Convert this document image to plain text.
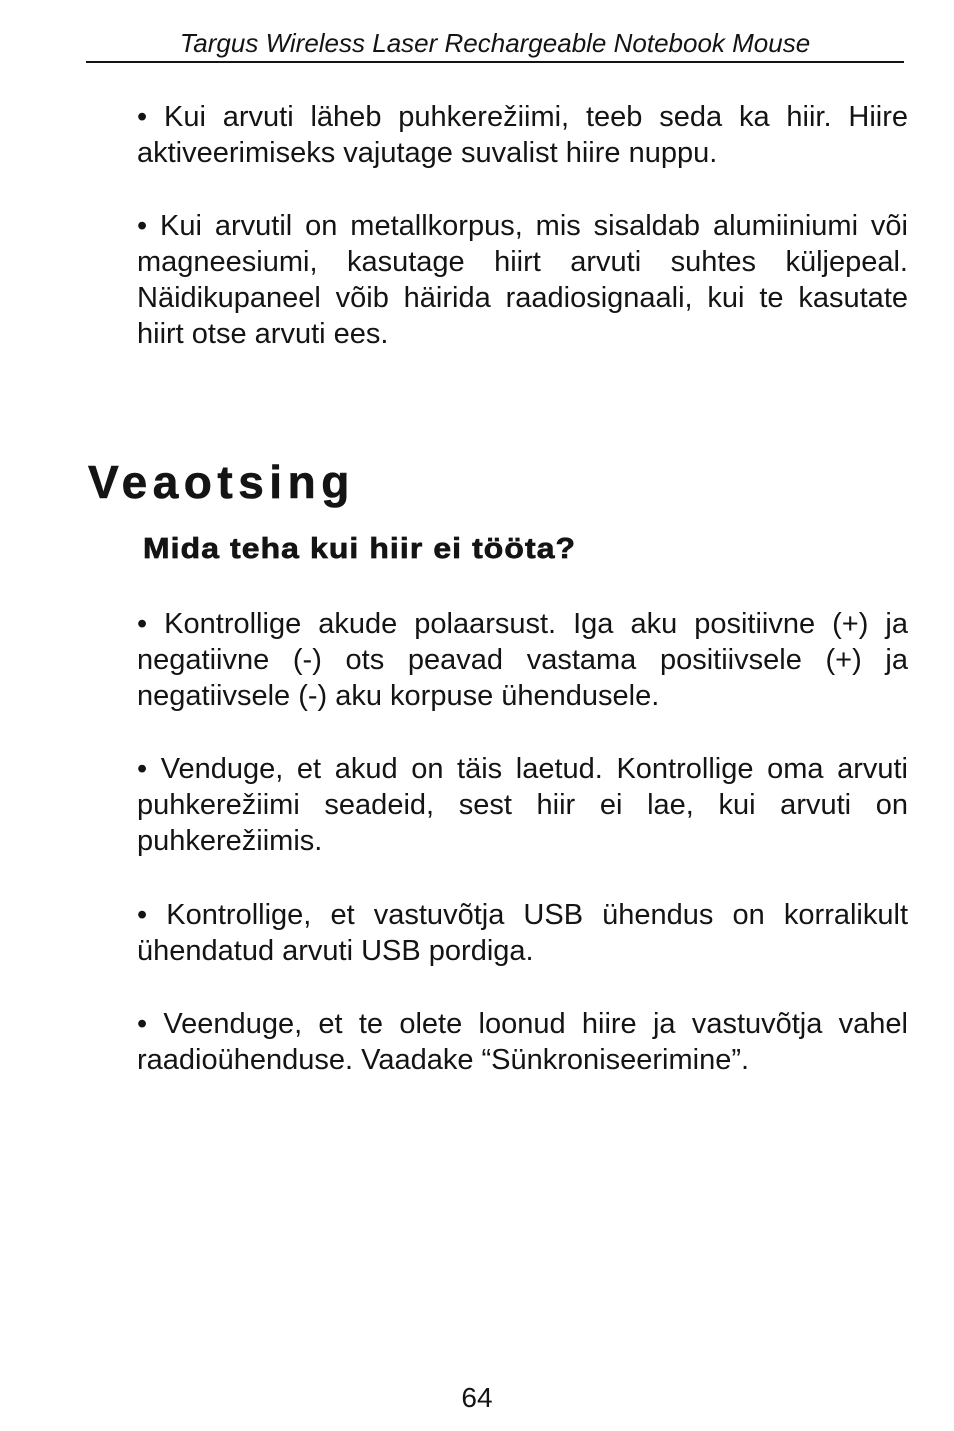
Targus Wireless Laser Rechargeable Notebook Mouse
• Kui arvuti läheb puhkerežiimi, teeb seda ka hiir. Hiire
aktiveerimiseks vajutage suvalist hiire nuppu.
• Kui arvutil on metallkorpus, mis sisaldab alumiiniumi või
magneesiumi, kasutage hiirt arvuti suhtes küljepeal.
Näidikupaneel võib häirida raadiosignaali, kui te kasutate
hiirt otse arvuti ees.
Veaotsing
Mida teha kui hiir ei tööta?
• Kontrollige akude polaarsust. Iga aku positiivne (+) ja
negatiivne (-) ots peavad vastama positiivsele (+) ja
negatiivsele (-) aku korpuse ühendusele.
• Venduge, et akud on täis laetud. Kontrollige oma arvuti
puhkerežiimi seadeid, sest hiir ei lae, kui arvuti on
puhkerežiimis.
• Kontrollige, et vastuvõtja USB ühendus on korralikult
ühendatud arvuti USB pordiga.
• Veenduge, et te olete loonud hiire ja vastuvõtja vahel
raadioühenduse. Vaadake “Sünkroniseerimine”.
64
